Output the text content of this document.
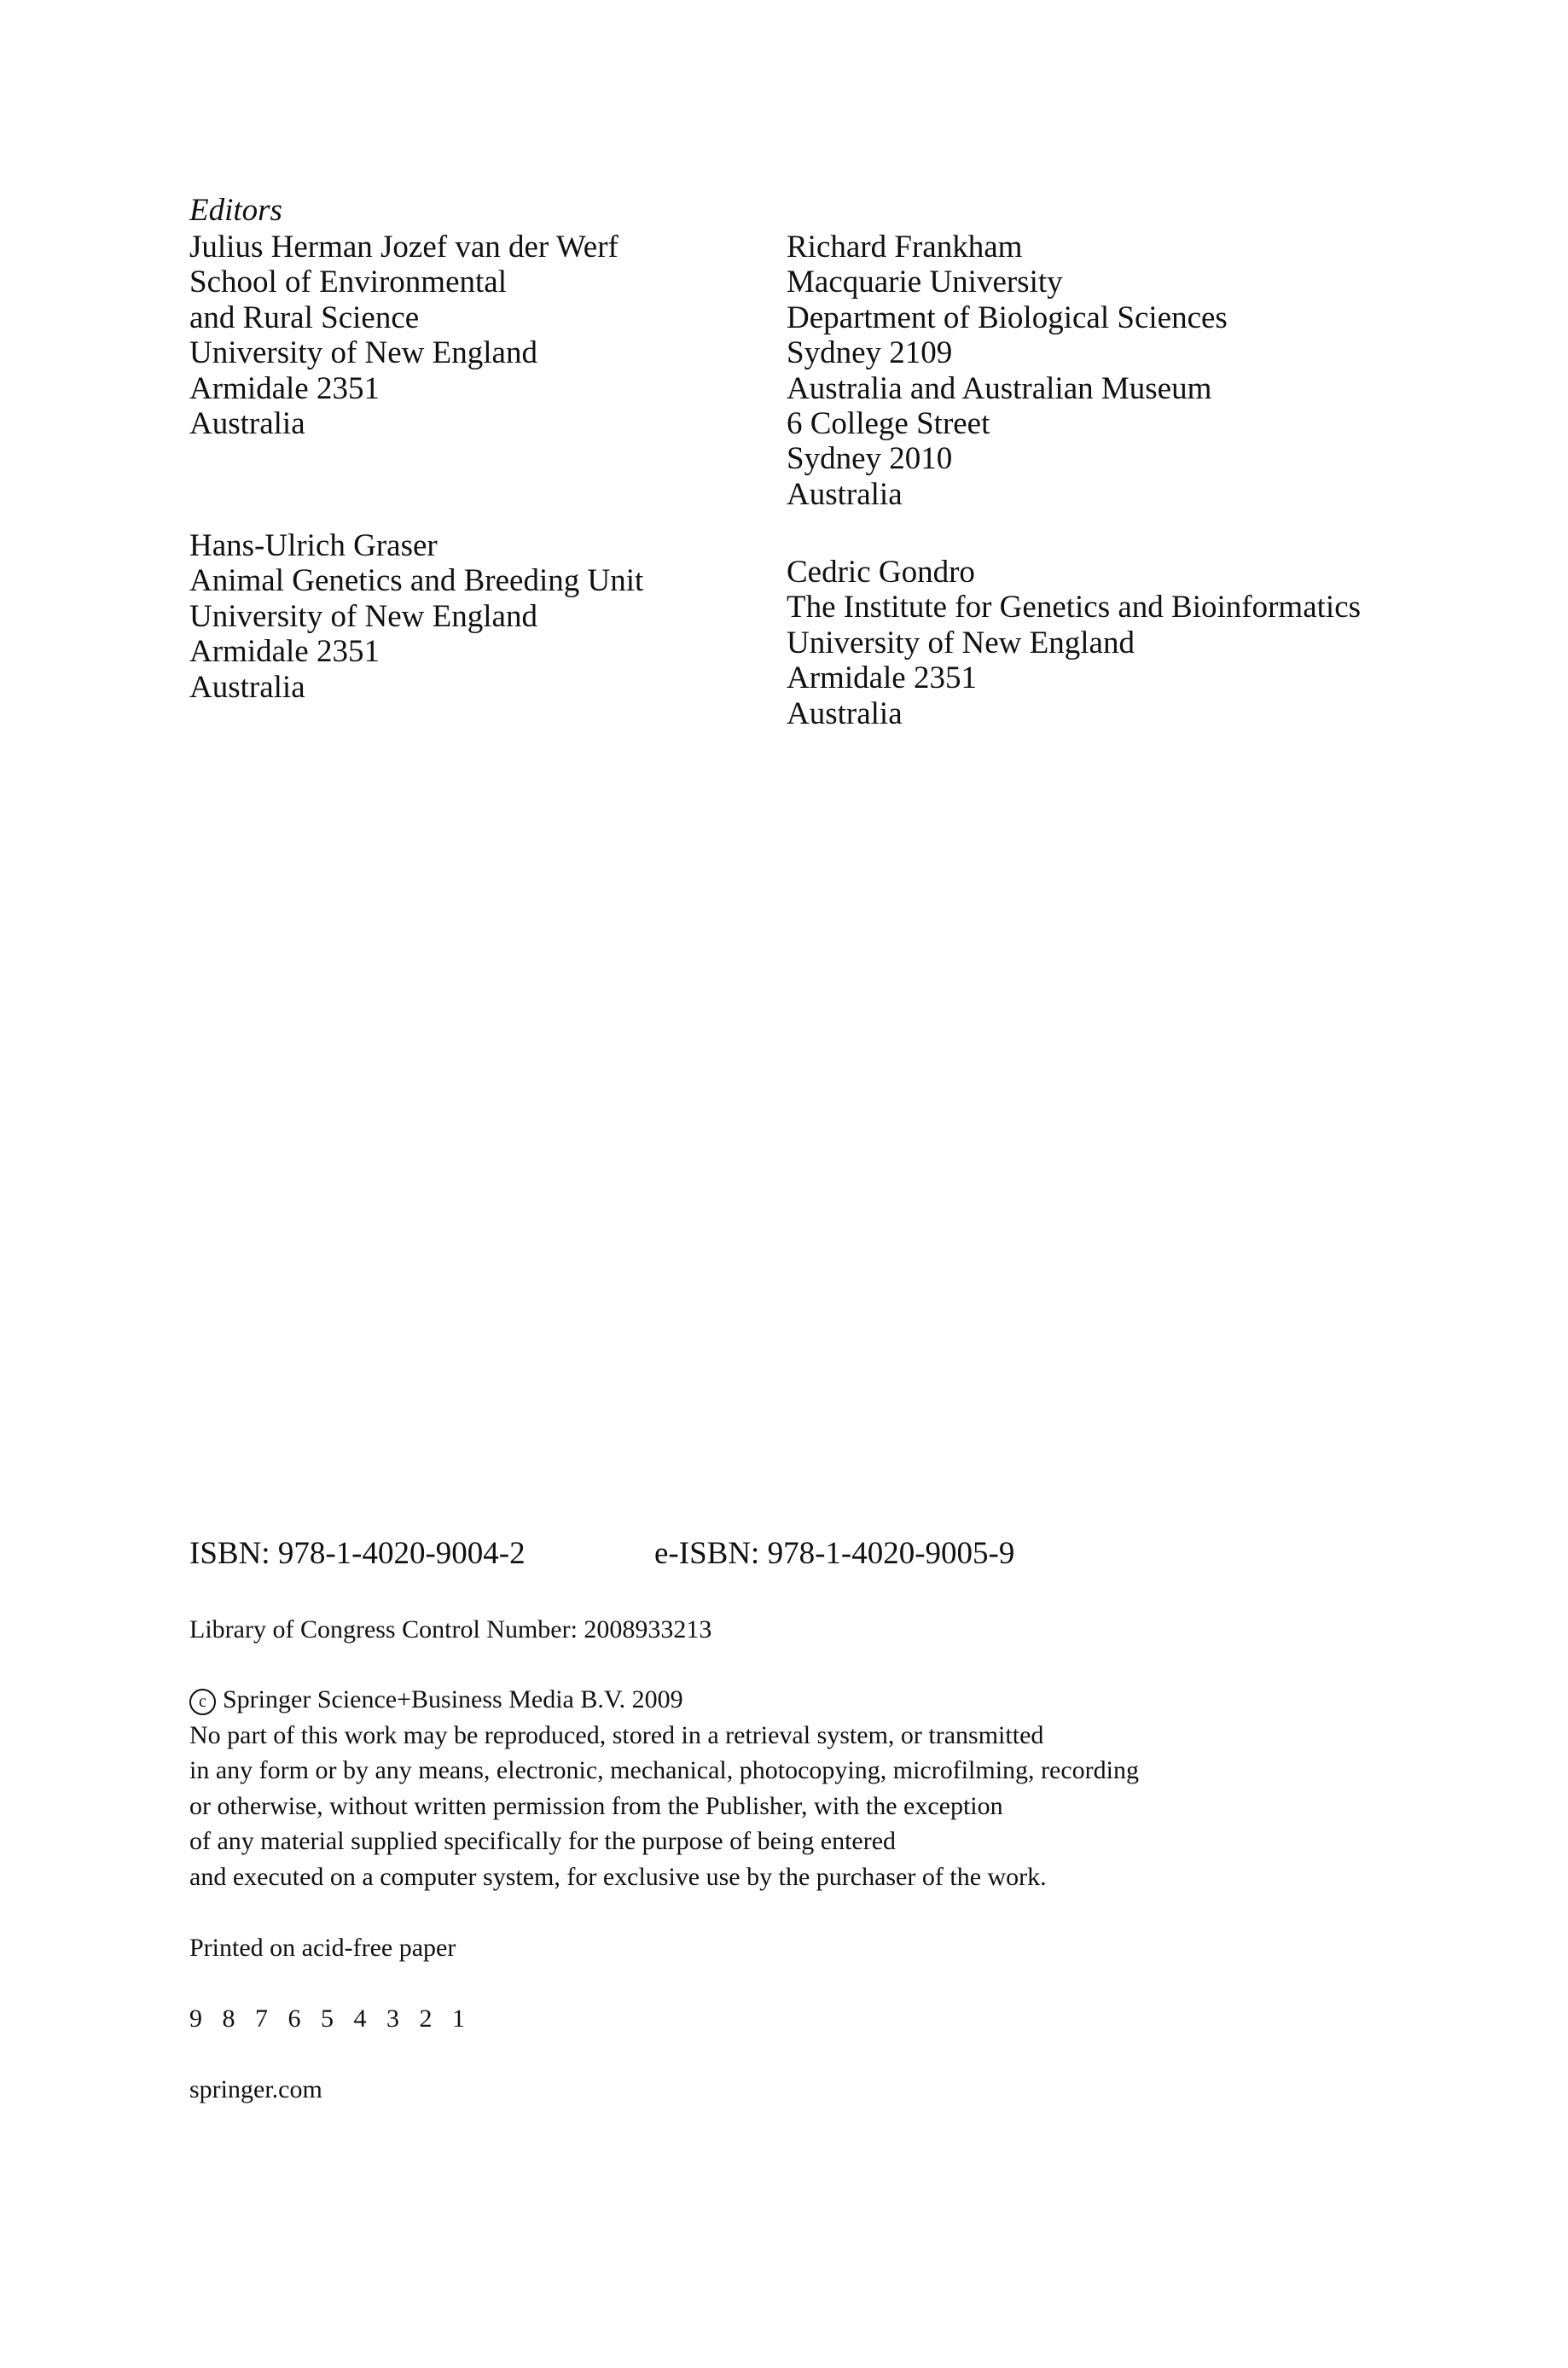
Editors
Julius Herman Jozef van der Werf
School of Environmental
and Rural Science
University of New England
Armidale 2351
Australia
Richard Frankham
Macquarie University
Department of Biological Sciences
Sydney 2109
Australia and Australian Museum
6 College Street
Sydney 2010
Australia
Hans-Ulrich Graser
Animal Genetics and Breeding Unit
University of New England
Armidale 2351
Australia
Cedric Gondro
The Institute for Genetics and Bioinformatics
University of New England
Armidale 2351
Australia
ISBN: 978-1-4020-9004-2	e-ISBN: 978-1-4020-9005-9
Library of Congress Control Number: 2008933213
c Springer Science+Business Media B.V. 2009
No part of this work may be reproduced, stored in a retrieval system, or transmitted
in any form or by any means, electronic, mechanical, photocopying, microfilming, recording
or otherwise, without written permission from the Publisher, with the exception
of any material supplied specifically for the purpose of being entered
and executed on a computer system, for exclusive use by the purchaser of the work.
Printed on acid-free paper
9 8 7 6 5 4 3 2 1
springer.com
